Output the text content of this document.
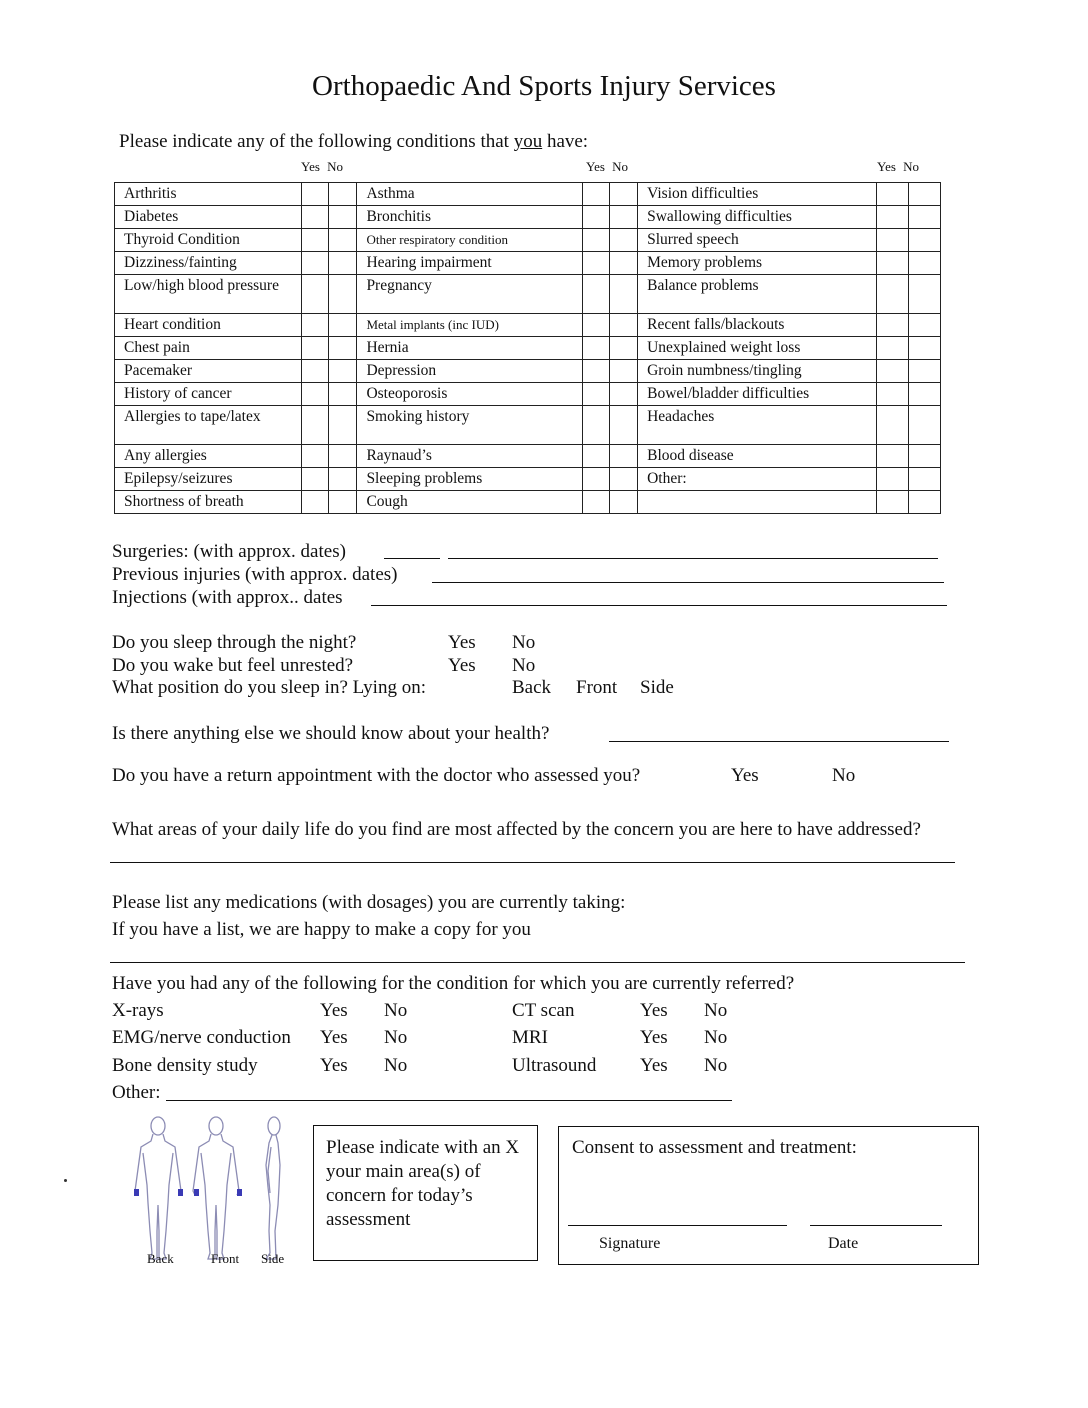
Orthopaedic And Sports Injury Services
Please indicate any of the following conditions that you have:
Yes No	Yes No	Yes No
Arthritis			Asthma			Vision difficulties		
Diabetes			Bronchitis			Swallowing difficulties		
Thyroid Condition			Other respiratory condition			Slurred speech		
Dizziness/fainting			Hearing impairment			Memory problems		
Low/high blood pressure			Pregnancy			Balance problems		
Heart condition			Metal implants (inc IUD)			Recent falls/blackouts		
Chest pain			Hernia			Unexplained weight loss		
Pacemaker			Depression			Groin numbness/tingling		
History of cancer			Osteoporosis			Bowel/bladder difficulties		
Allergies to tape/latex			Smoking history			Headaches		
Any allergies			Raynaud’s			Blood disease		
Epilepsy/seizures			Sleeping problems			Other:		
Shortness of breath			Cough					
Surgeries: (with approx. dates)
Previous injuries (with approx. dates)
Injections (with approx.. dates
Do you sleep through the night?	Yes No
Do you wake but feel unrested?	Yes No
What position do you sleep in? Lying on:	Back Front Side
Is there anything else we should know about your health?
Do you have a return appointment with the doctor who assessed you?	Yes	No
What areas of your daily life do you find are most affected by the concern you are here to have addressed?
Please list any medications (with dosages) you are currently taking:
If you have a list, we are happy to make a copy for you
Have you had any of the following for the condition for which you are currently referred?
X-rays	Yes No	CT scan	Yes No
EMG/nerve conduction Yes No	MRI	Yes No
Bone density study	Yes No	Ultrasound Yes No
Other:
Back	Front Side
Please indicate with an X your main area(s) of concern for today’s assessment
Consent to assessment and treatment:
Signature	Date
